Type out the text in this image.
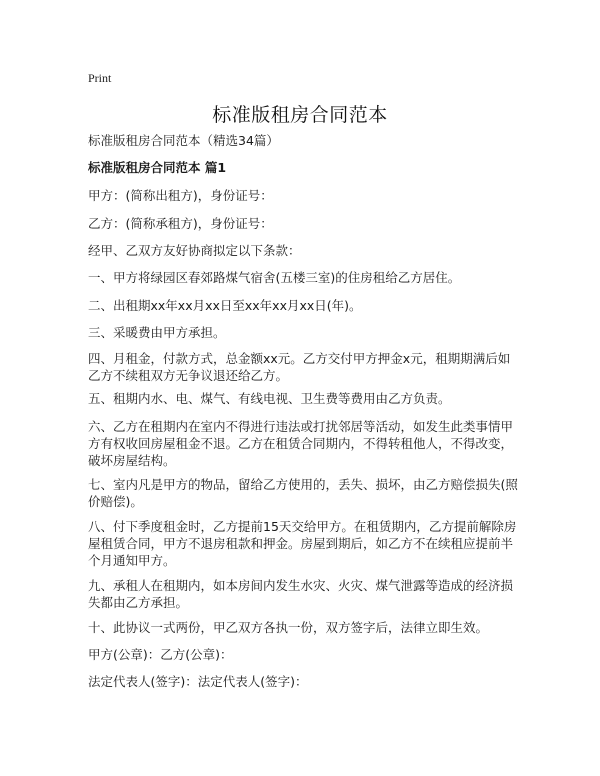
Print
标准版租房合同范本

标准版租房合同范本（精选34篇）

标准版租房合同范本 篇1

甲方：(简称出租方)，身份证号：

乙方：(简称承租方)，身份证号：

经甲、乙双方友好协商拟定以下条款：

一、甲方将绿园区春郊路煤气宿舍(五楼三室)的住房租给乙方居住。

二、出租期xx年xx月xx日至xx年xx月xx日(年)。

三、采暖费由甲方承担。

四、月租金，付款方式，总金额xx元。乙方交付甲方押金x元，租期期满后如乙方不续租双方无争议退还给乙方。

五、租期内水、电、煤气、有线电视、卫生费等费用由乙方负责。

六、乙方在租期内在室内不得进行违法或打扰邻居等活动，如发生此类事情甲方有权收回房屋租金不退。乙方在租赁合同期内，不得转租他人，不得改变，破坏房屋结构。

七、室内凡是甲方的物品，留给乙方使用的，丢失、损坏，由乙方赔偿损失(照价赔偿)。

八、付下季度租金时，乙方提前15天交给甲方。在租赁期内，乙方提前解除房屋租赁合同，甲方不退房租款和押金。房屋到期后，如乙方不在续租应提前半个月通知甲方。

九、承租人在租期内，如本房间内发生水灾、火灾、煤气泄露等造成的经济损失都由乙方承担。

十、此协议一式两份，甲乙双方各执一份，双方签字后，法律立即生效。

甲方(公章)：乙方(公章)：

法定代表人(签字)：法定代表人(签字)：
